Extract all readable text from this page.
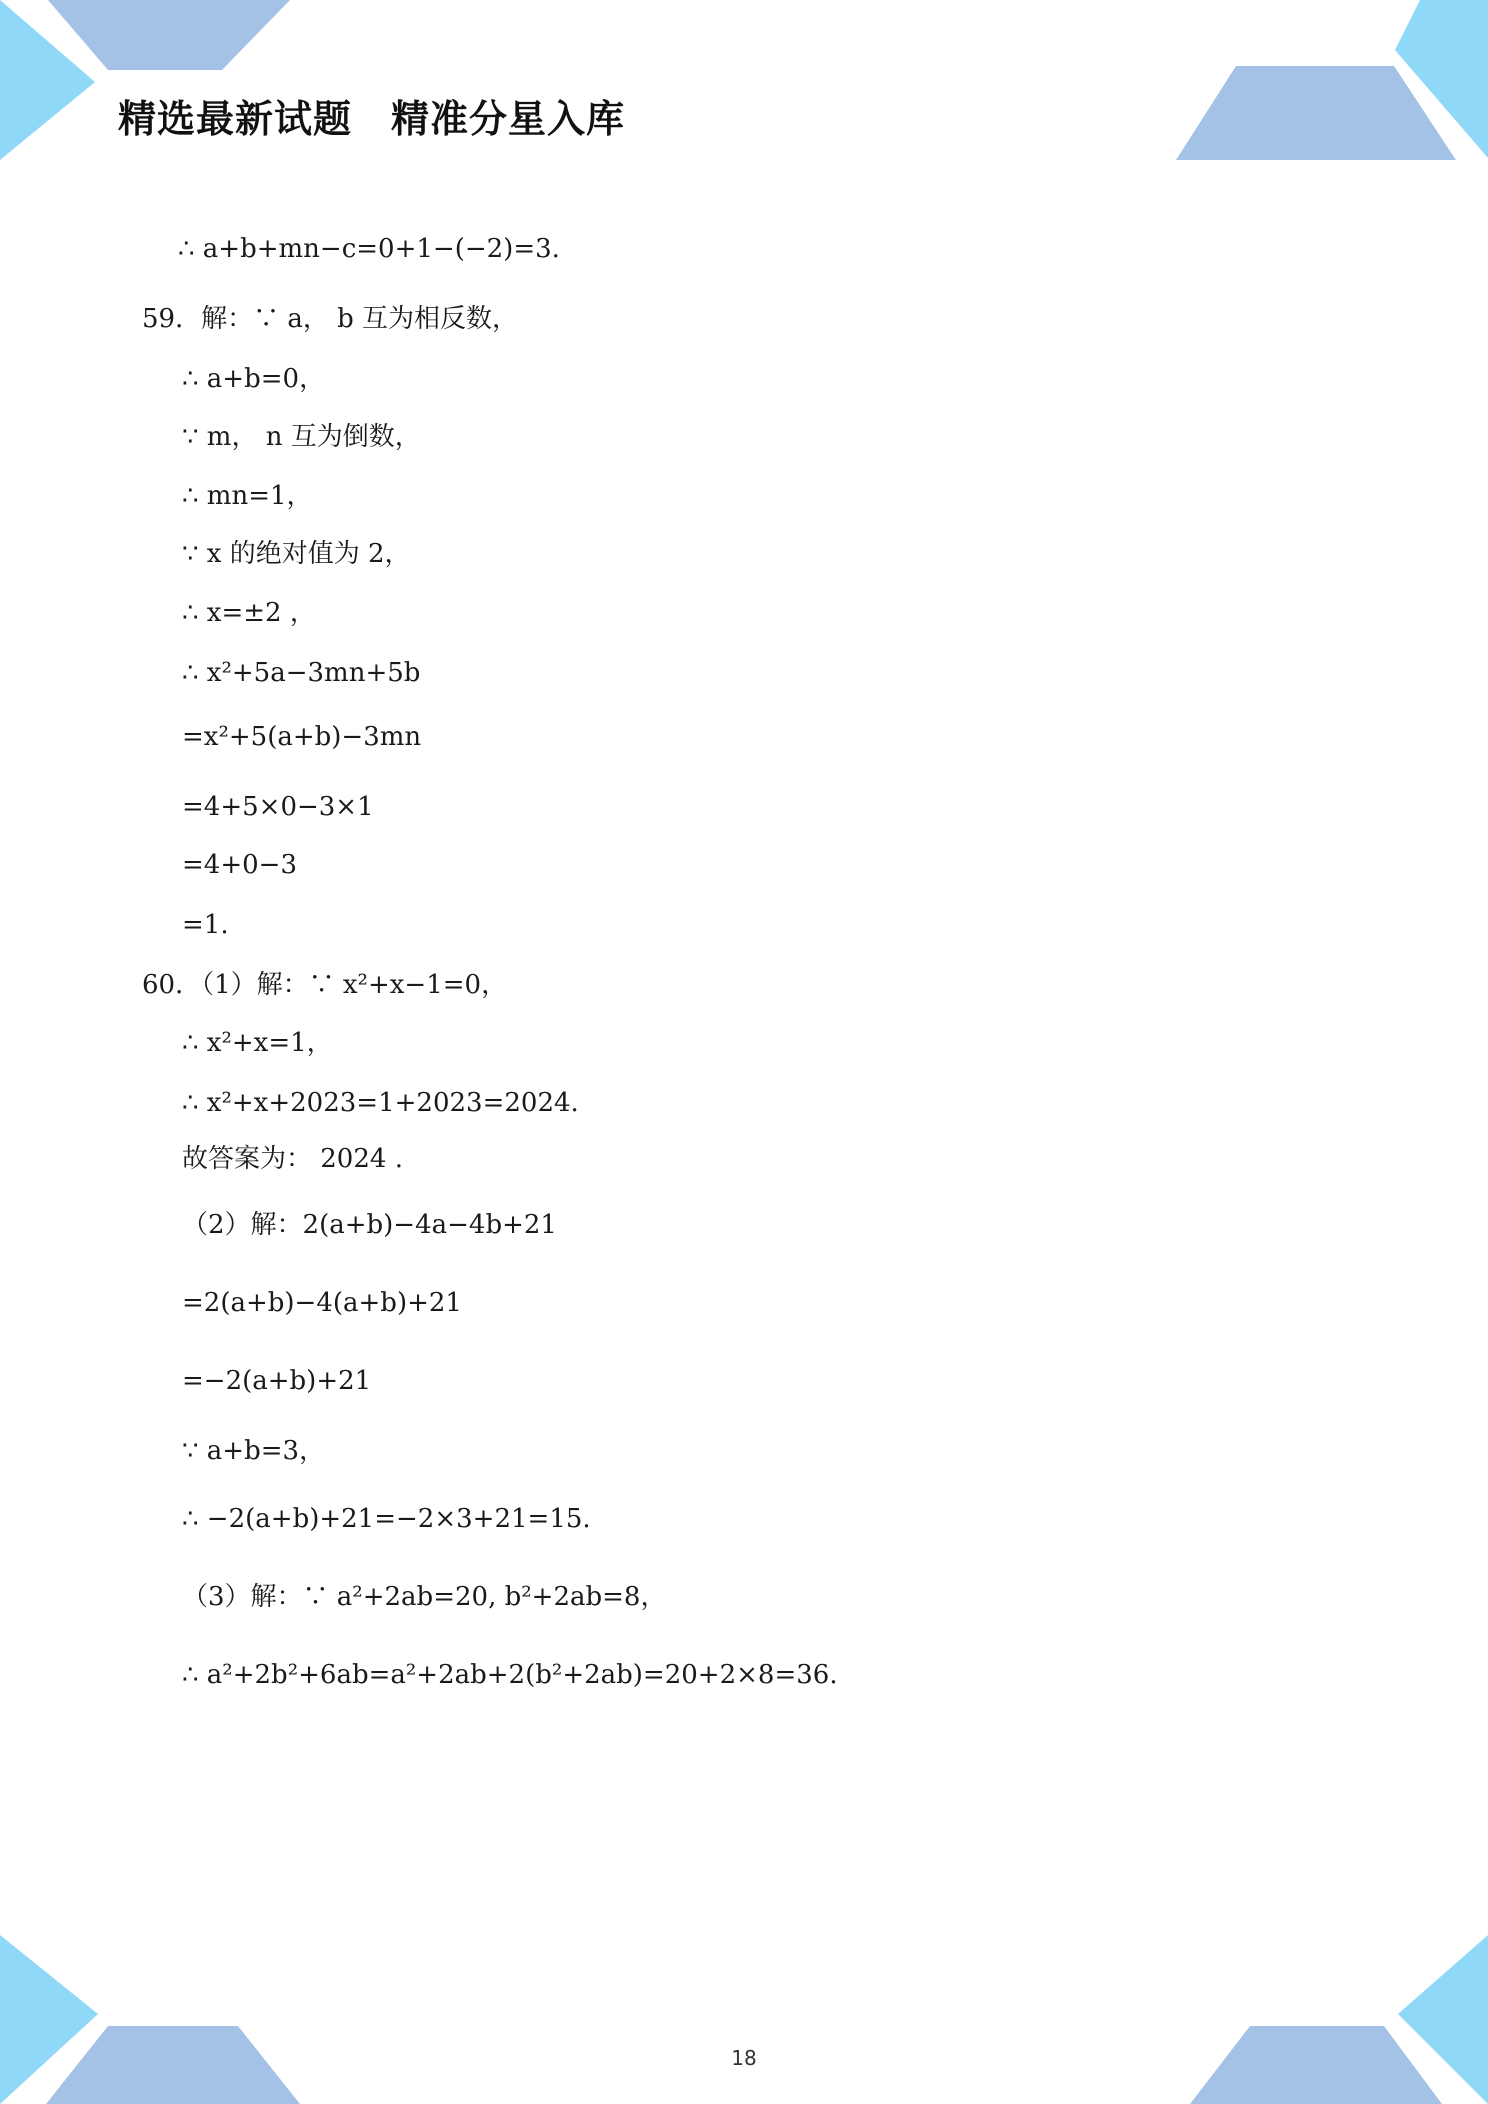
精选最新试题　精准分星入库
∴ a+b+mn−c=0+1−(−2)=3.
59．解：∵ a， b 互为相反数，
∴ a+b=0，
∵ m， n 互为倒数，
∴ mn=1，
∵ x 的绝对值为 2，
∴ x=±2 ，
∴ x²+5a−3mn+5b
=x²+5(a+b)−3mn
=4+5×0−3×1
=4+0−3
=1.
60．（1）解：∵ x²+x−1=0，
∴ x²+x=1，
∴ x²+x+2023=1+2023=2024.
故答案为： 2024 .
（2）解：2(a+b)−4a−4b+21
=2(a+b)−4(a+b)+21
=−2(a+b)+21
∵ a+b=3，
∴ −2(a+b)+21=−2×3+21=15.
（3）解：∵ a²+2ab=20, b²+2ab=8，
∴ a²+2b²+6ab=a²+2ab+2(b²+2ab)=20+2×8=36.
18
